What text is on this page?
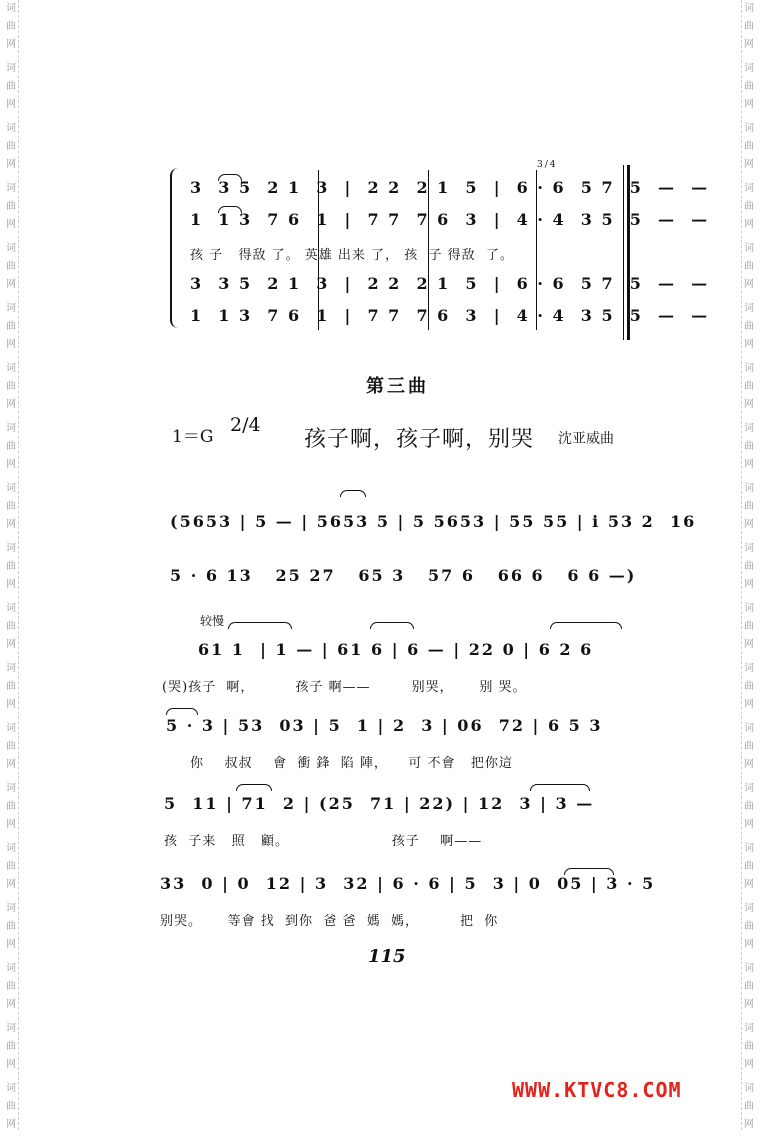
词
曲
网
词
曲
网
词
曲
网
词
曲
网
词
曲
网
词
曲
网
词
曲
网
词
曲
网
词
曲
网
词
曲
网
词
曲
网
词
曲
网
词
曲
网
词
曲
网
词
曲
网
词
曲
网
词
曲
网
词
曲
网
词
曲
网
词
曲
网
词
曲
网
词
曲
网
词
曲
网
词
曲
网
词
曲
网
词
曲
网
词
曲
网
词
曲
网
词
曲
网
词
曲
网
词
曲
网
词
曲
网
词
曲
网
词
曲
网
词
曲
网
词
曲
网
词
曲
网
词
曲
网
3/4
3  3 5  2 1  3  |  2 2  2 1  5  |  6 · 6  5 7  5  —  —
1  1 3  7 6  1  |  7 7  7 6  3  |  4 · 4  3 5  5  —  —
孩 子   得敌 了。 英雄 出来 了， 孩  子 得敌  了。
3  3 5  2 1  3  |  2 2  2 1  5  |  6 · 6  5 7  5  —  —
1  1 3  7 6  1  |  7 7  7 6  3  |  4 · 4  3 5  5  —  —
第三曲
1＝G
2/4
孩子啊，孩子啊，别哭 沈亚威曲
(5653 | 5 — | 5653 5 | 5 5653 | 55 55 | i 53 2  16
5 · 6 13   25 27   65 3   57 6   66 6   6 6 —)
较慢
61 1  | 1 — | 61 6 | 6 — | 22 0 | 6 2 6
(哭)孩子  啊，        孩子 啊——        别哭，     别 哭。
5 · 3 | 53  03 | 5  1 | 2  3 | 06  72 | 6 5 3
你    叔叔    會  衝 鋒  陷 陣，    可 不會   把你這
5  11 | 71  2 | (25  71 | 22) | 12  3 | 3 —
孩  子来   照   顧。                    孩子    啊——
33  0 | 0  12 | 3  32 | 6 · 6 | 5  3 | 0  05 | 3 · 5
别哭。     等會 找  到你  爸 爸  媽  媽，        把  你
115
WWW.KTVC8.COM
